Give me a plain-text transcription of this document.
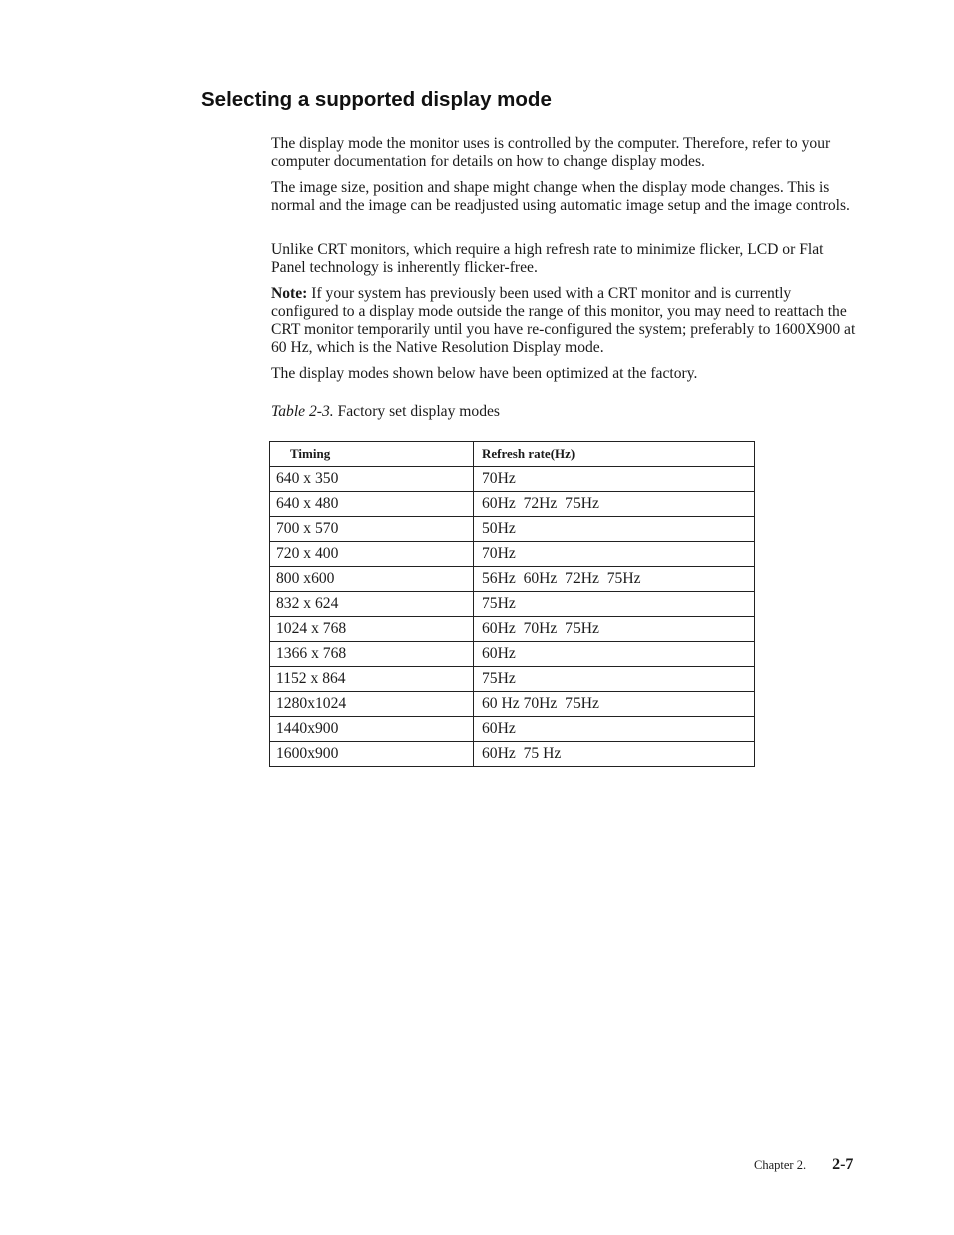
Selecting a supported display mode

The display mode the monitor uses is controlled by the computer. Therefore, refer to your computer documentation for details on how to change display modes.

The image size, position and shape might change when the display mode changes. This is normal and the image can be readjusted using automatic image setup and the image controls.

Unlike CRT monitors, which require a high refresh rate to minimize flicker, LCD or Flat Panel technology is inherently flicker-free.

Note: If your system has previously been used with a CRT monitor and is currently configured to a display mode outside the range of this monitor, you may need to reattach the CRT monitor temporarily until you have re-configured the system; preferably to 1600X900 at 60 Hz, which is the Native Resolution Display mode.

The display modes shown below have been optimized at the factory.

Table 2-3. Factory set display modes
Timing	Refresh rate(Hz)
640 x 350	70Hz
640 x 480	60Hz  72Hz  75Hz
700 x 570	50Hz
720 x 400	70Hz
800 x600	56Hz  60Hz  72Hz  75Hz
832 x 624	75Hz
1024 x 768	60Hz  70Hz  75Hz
1366 x 768	60Hz
1152 x 864	75Hz
1280x1024	60 Hz 70Hz  75Hz
1440x900	60Hz
1600x900	60Hz  75 Hz
Chapter 2. 2-7
